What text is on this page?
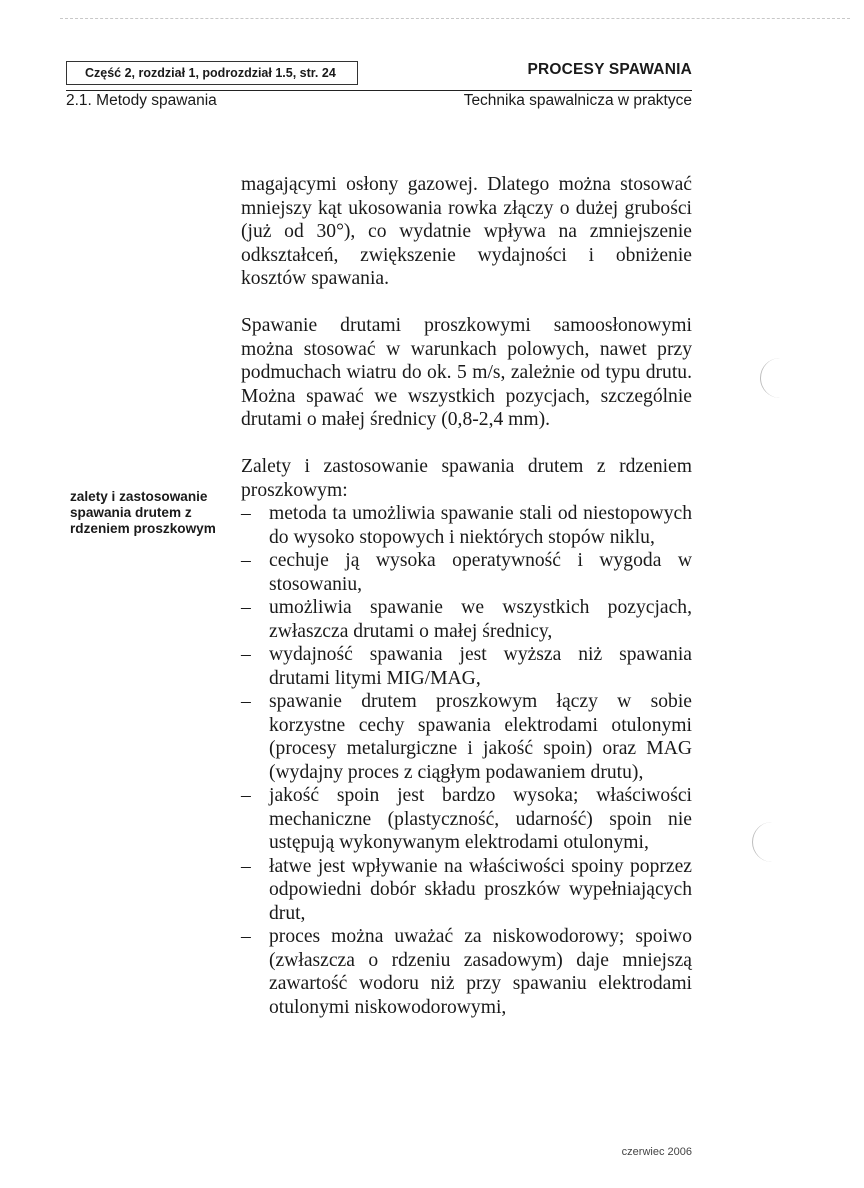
Część 2, rozdział 1, podrozdział 1.5, str. 24	PROCESY SPAWANIA
2.1. Metody spawania	Technika spawalnicza w praktyce
zalety i zastosowanie spawania drutem z rdzeniem proszkowym

magającymi osłony gazowej. Dlatego można stosować mniejszy kąt ukosowania rowka złączy o dużej grubości (już od 30°), co wydatnie wpływa na zmniejszenie odkształceń, zwiększenie wydajności i obniżenie kosztów spawania.

Spawanie drutami proszkowymi samoosłonowymi można stosować w warunkach polowych, nawet przy podmuchach wiatru do ok. 5 m/s, zależnie od typu drutu. Można spawać we wszystkich pozycjach, szczególnie drutami o małej średnicy (0,8-2,4 mm).

Zalety i zastosowanie spawania drutem z rdzeniem proszkowym:

– metoda ta umożliwia spawanie stali od niestopowych do wysoko stopowych i niektórych stopów niklu,
– cechuje ją wysoka operatywność i wygoda w stosowaniu,
– umożliwia spawanie we wszystkich pozycjach, zwłaszcza drutami o małej średnicy,
– wydajność spawania jest wyższa niż spawania drutami litymi MIG/MAG,
– spawanie drutem proszkowym łączy w sobie korzystne cechy spawania elektrodami otulonymi (procesy metalurgiczne i jakość spoin) oraz MAG (wydajny proces z ciągłym podawaniem drutu),
– jakość spoin jest bardzo wysoka; właściwości mechaniczne (plastyczność, udarność) spoin nie ustępują wykonywanym elektrodami otulonymi,
– łatwe jest wpływanie na właściwości spoiny poprzez odpowiedni dobór składu proszków wypełniających drut,
– proces można uważać za niskowodorowy; spoiwo (zwłaszcza o rdzeniu zasadowym) daje mniejszą zawartość wodoru niż przy spawaniu elektrodami otulonymi niskowodorowymi,
czerwiec 2006
